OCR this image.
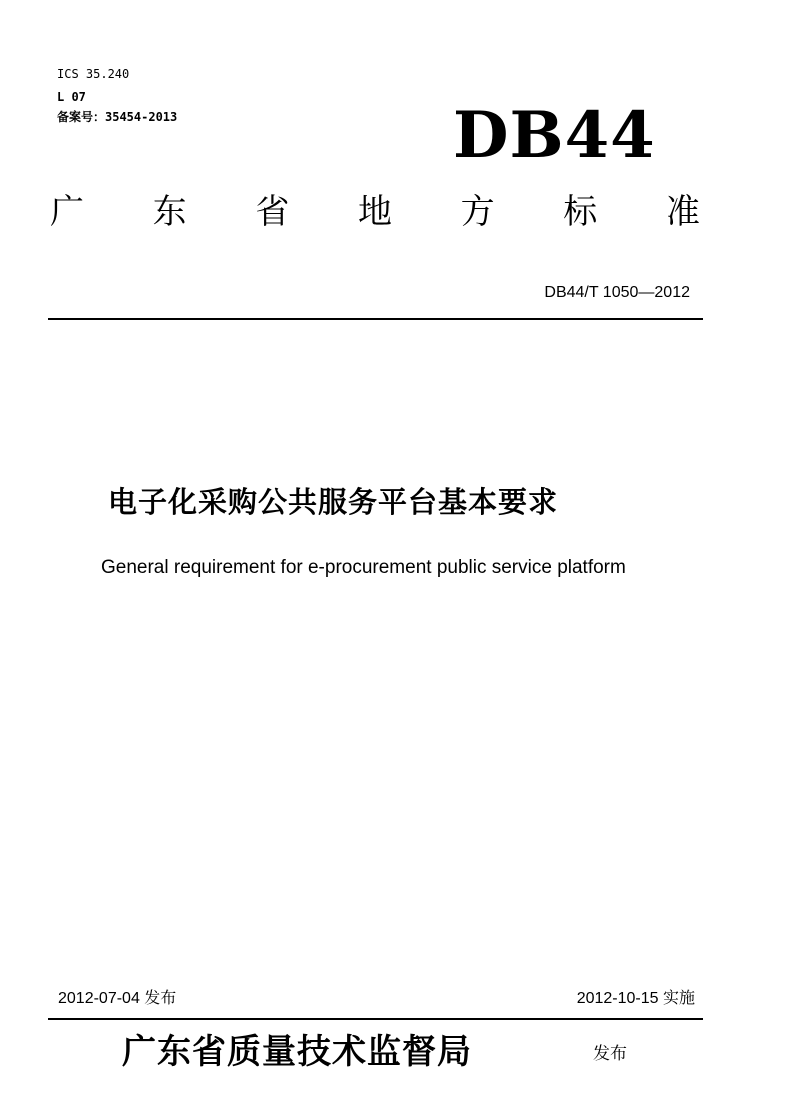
ICS 35.240
L 07
备案号：35454-2013	DB44
广 东 省 地 方 标 准
DB44/T 1050—2012
电子化采购公共服务平台基本要求
General requirement for e-procurement public service platform
2012-07-04 发布	2012-10-15 实施
广东省质量技术监督局	发布
